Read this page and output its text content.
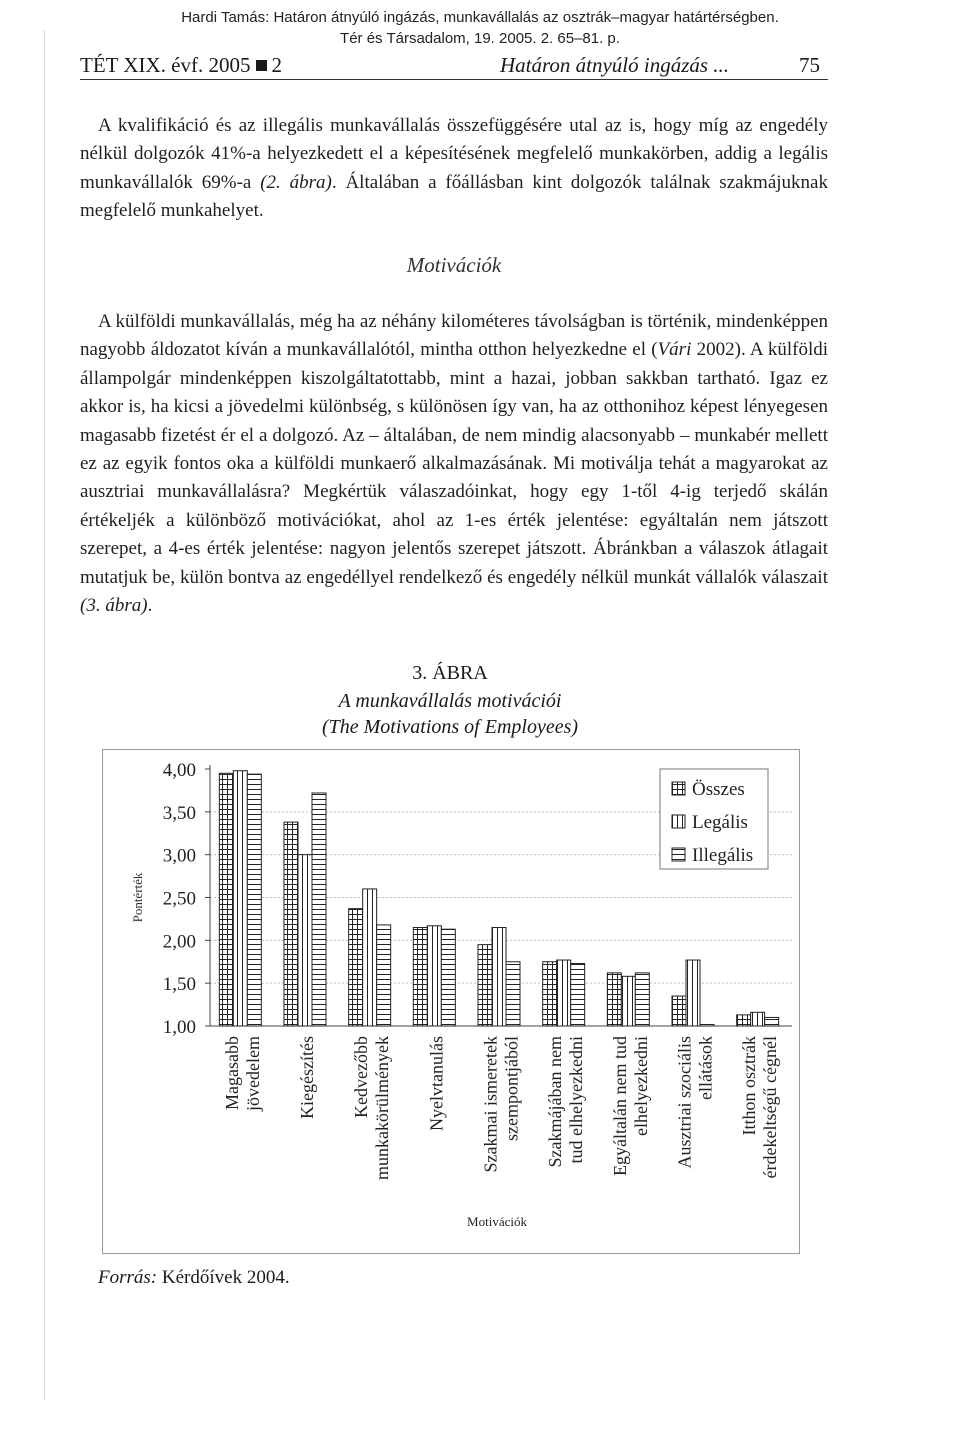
Hardi Tamás: Határon átnyúló ingázás, munkavállalás az osztrák–magyar határtérségben.
Tér és Társadalom, 19. 2005. 2. 65–81. p.
TÉT XIX. évf. 2005 2	Határon átnyúló ingázás ...	75
A kvalifikáció és az illegális munkavállalás összefüggésére utal az is, hogy míg az engedély nélkül dolgozók 41%-a helyezkedett el a képesítésének megfelelő munkakörben, addig a legális munkavállalók 69%-a (2. ábra). Általában a főállásban kint dolgozók találnak szakmájuknak megfelelő munkahelyet.
Motivációk
A külföldi munkavállalás, még ha az néhány kilométeres távolságban is történik, mindenképpen nagyobb áldozatot kíván a munkavállalótól, mintha otthon helyezkedne el (Vári 2002). A külföldi állampolgár mindenképpen kiszolgáltatottabb, mint a hazai, jobban sakkban tartható. Igaz ez akkor is, ha kicsi a jövedelmi különbség, s különösen így van, ha az otthonihoz képest lényegesen magasabb fizetést ér el a dolgozó. Az – általában, de nem mindig alacsonyabb – munkabér mellett ez az egyik fontos oka a külföldi munkaerő alkalmazásának. Mi motiválja tehát a magyarokat az ausztriai munkavállalásra? Megkértük válaszadóinkat, hogy egy 1-től 4-ig terjedő skálán értékeljék a különböző motivációkat, ahol az 1-es érték jelentése: egyáltalán nem játszott szerepet, a 4-es érték jelentése: nagyon jelentős szerepet játszott. Ábránkban a válaszok átlagait mutatjuk be, külön bontva az engedéllyel rendelkező és engedély nélkül munkát vállalók válaszait (3. ábra).
3. ÁBRA
A munkavállalás motivációi
(The Motivations of Employees)
4,00
3,50
3,00
2,50
2,00
1,50
1,00
Pontérték
Magasabbjövedelem Kiegészítés Kedvezőbbmunkakörülmények Nyelvtanulás Szakmai ismeretekszempontjából Szakmájában nemtud elhelyezkedni Egyáltalán nem tudelhelyezkedni Ausztriai szociálisellátások Itthon osztrákérdekeltségű cégnél
Motivációk
Összes
Legális
Illegális
Forrás: Kérdőívek 2004.
